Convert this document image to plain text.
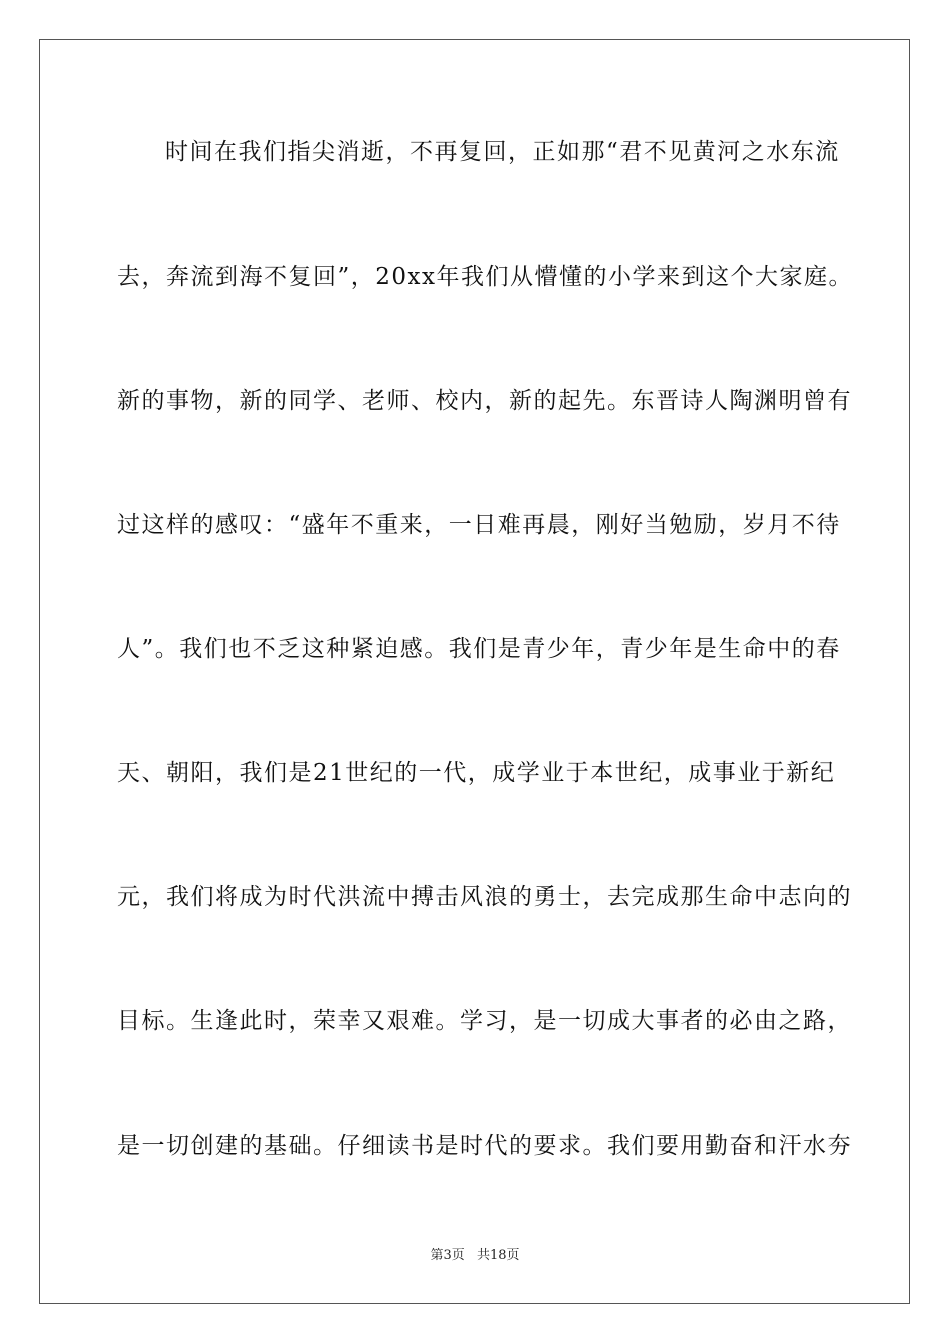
时间在我们指尖消逝，不再复回，正如那“君不见黄河之水东流
去，奔流到海不复回”，20xx年我们从懵懂的小学来到这个大家庭。
新的事物，新的同学、老师、校内，新的起先。东晋诗人陶渊明曾有
过这样的感叹：“盛年不重来，一日难再晨，刚好当勉励，岁月不待
人”。我们也不乏这种紧迫感。我们是青少年，青少年是生命中的春
天、朝阳，我们是21世纪的一代，成学业于本世纪，成事业于新纪
元，我们将成为时代洪流中搏击风浪的勇士，去完成那生命中志向的
目标。生逢此时，荣幸又艰难。学习，是一切成大事者的必由之路，
是一切创建的基础。仔细读书是时代的要求。我们要用勤奋和汗水夯
第3页 共18页
